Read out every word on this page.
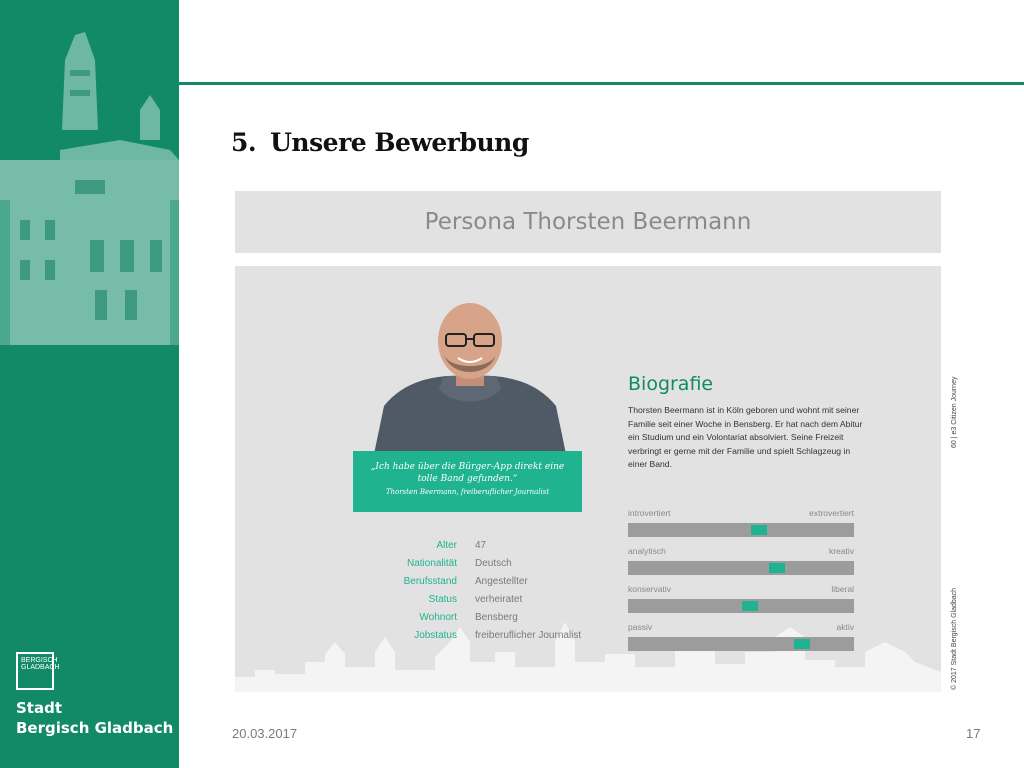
BERGISCH GLADBACH
Stadt
Bergisch Gladbach
5. Unsere Bewerbung
Persona Thorsten Beermann
„Ich habe über die Bürger-App direkt eine tolle Band gefunden.“
Thorsten Beermann, freiberuflicher Journalist
Alter 47
Nationalität Deutsch
Berufsstand Angestellter
Status verheiratet
Wohnort Bensberg
Jobstatus freiberuflicher Journalist
Biografie
Thorsten Beermann ist in Köln geboren und wohnt mit seiner Familie seit einer Woche in Bensberg. Er hat nach dem Abitur ein Studium und ein Volontariat absolviert. Seine Freizeit verbringt er gerne mit der Familie und spielt Schlagzeug in einer Band.
introvertiert	extrovertiert
analytisch	kreativ
konservativ	liberal
passiv	aktiv
60 | e3 Citizen Journey
© 2017 Stadt Bergisch Gladbach
20.03.2017	17
